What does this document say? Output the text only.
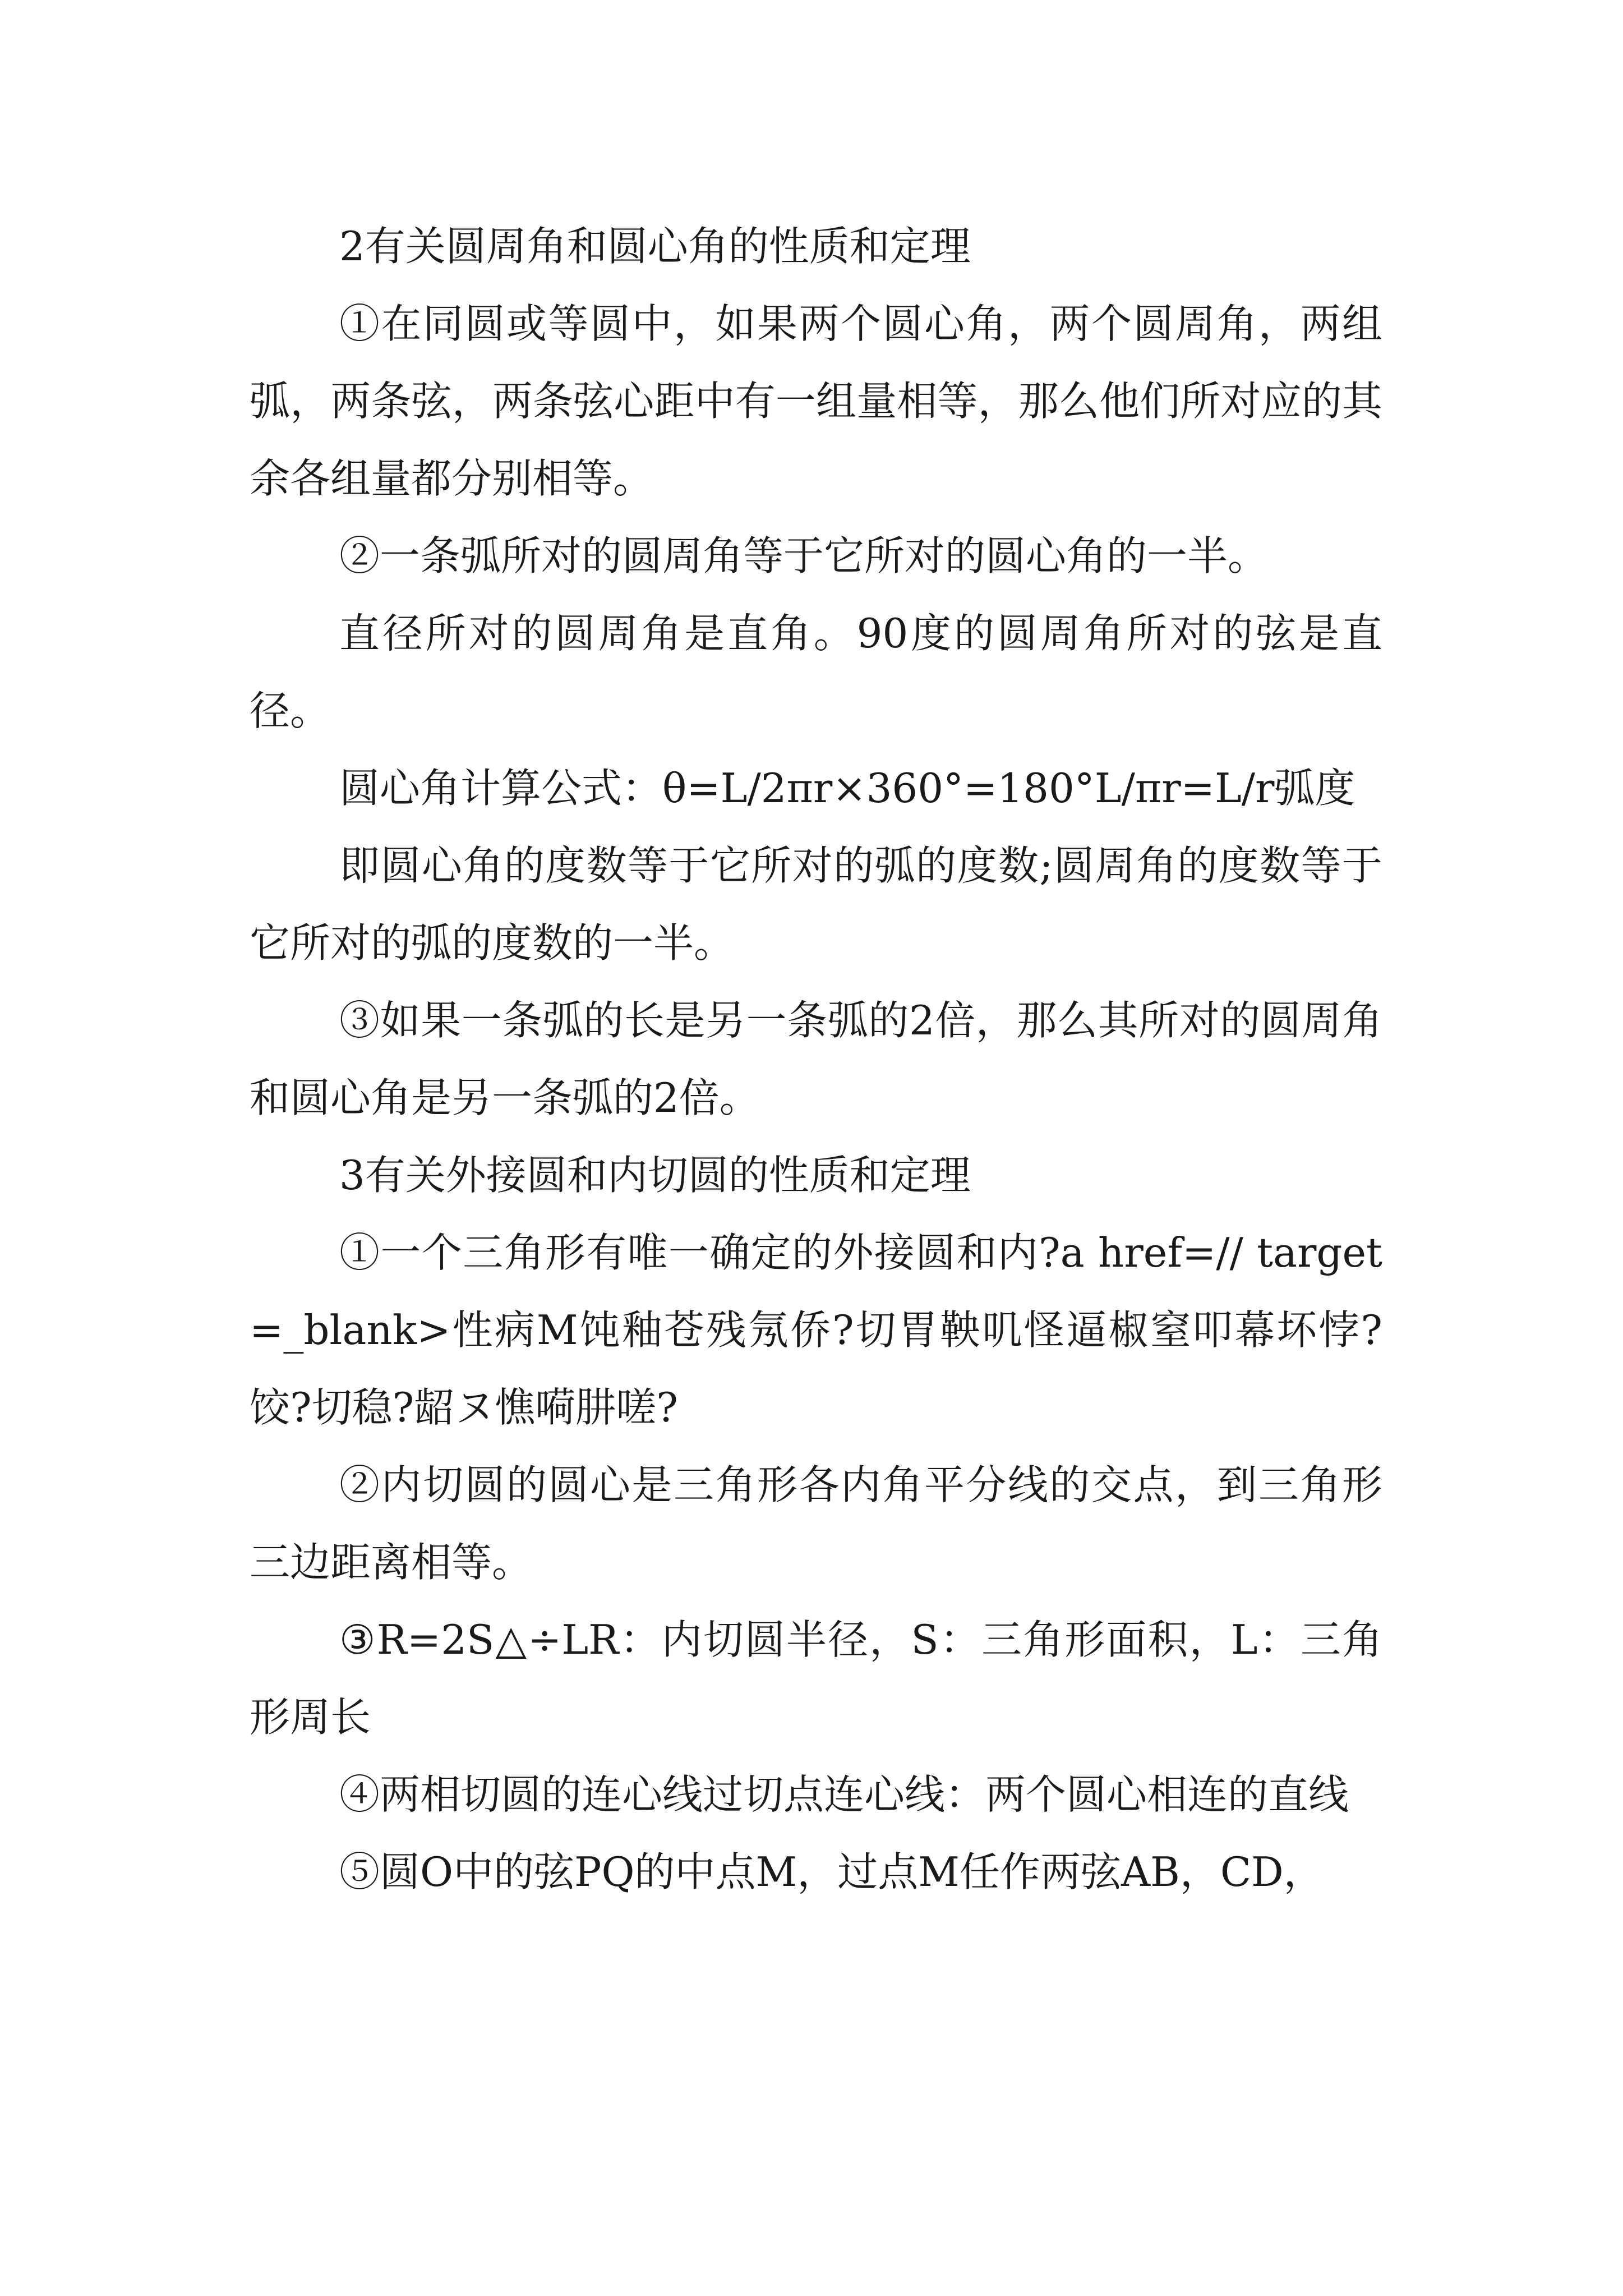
2有关圆周角和圆心角的性质和定理

①在同圆或等圆中，如果两个圆心角，两个圆周角，两组弧，两条弦，两条弦心距中有一组量相等，那么他们所对应的其余各组量都分别相等。

②一条弧所对的圆周角等于它所对的圆心角的一半。

直径所对的圆周角是直角。90度的圆周角所对的弦是直径。

圆心角计算公式：θ=L/2πr×360°=180°L/πr=L/r弧度

即圆心角的度数等于它所对的弧的度数;圆周角的度数等于它所对的弧的度数的一半。

③如果一条弧的长是另一条弧的2倍，那么其所对的圆周角和圆心角是另一条弧的2倍。

3有关外接圆和内切圆的性质和定理

①一个三角形有唯一确定的外接圆和内?a href=// target=_blank>性病M饨釉苍残氖侨?切胃鞅叽怪逼椒窒叩幕坏悖?饺?切稳?龆ヌ憔嗬肼嗟?

②内切圆的圆心是三角形各内角平分线的交点，到三角形三边距离相等。

③R=2S△÷LR：内切圆半径，S：三角形面积，L：三角形周长

④两相切圆的连心线过切点连心线：两个圆心相连的直线

⑤圆O中的弦PQ的中点M，过点M任作两弦AB，CD，
